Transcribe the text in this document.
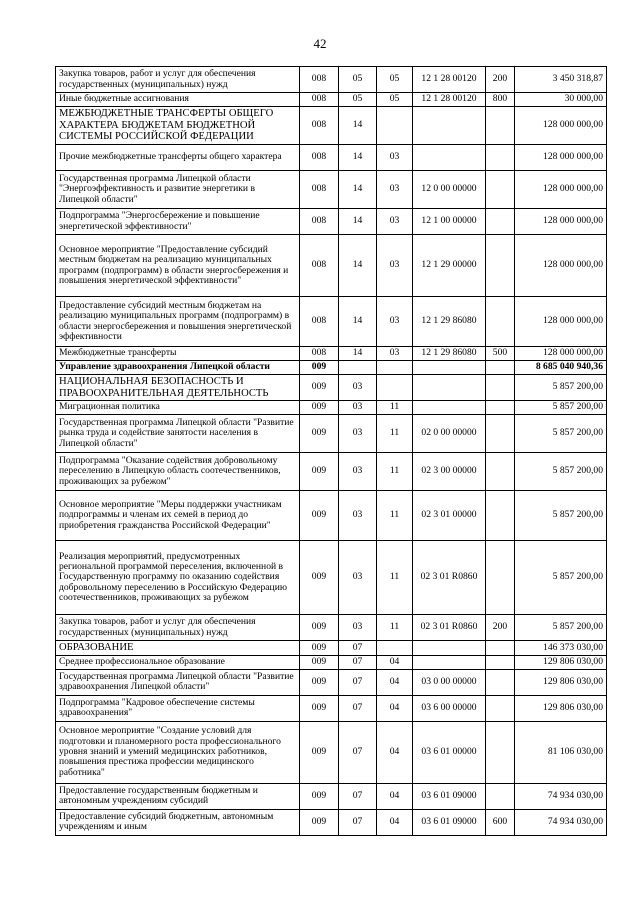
42
Закупка товаров, работ и услуг для обеспечения государственных (муниципальных) нужд	008	05	05	12 1 28 00120	200	3 450 318,87
Иные бюджетные ассигнования	008	05	05	12 1 28 00120	800	30 000,00
МЕЖБЮДЖЕТНЫЕ ТРАНСФЕРТЫ ОБЩЕГО ХАРАКТЕРА БЮДЖЕТАМ БЮДЖЕТНОЙ СИСТЕМЫ РОССИЙСКОЙ ФЕДЕРАЦИИ	008	14				128 000 000,00
Прочие межбюджетные трансферты общего характера	008	14	03			128 000 000,00
Государственная программа Липецкой области "Энергоэффективность и развитие энергетики в Липецкой области"	008	14	03	12 0 00 00000		128 000 000,00
Подпрограмма "Энергосбережение и повышение энергетической эффективности"	008	14	03	12 1 00 00000		128 000 000,00
Основное мероприятие "Предоставление субсидий местным бюджетам на реализацию муниципальных программ (подпрограмм) в области энергосбережения и повышения энергетической эффективности"	008	14	03	12 1 29 00000		128 000 000,00
Предоставление субсидий местным бюджетам на реализацию муниципальных программ (подпрограмм) в области энергосбережения и повышения энергетической эффективности	008	14	03	12 1 29 86080		128 000 000,00
Межбюджетные трансферты	008	14	03	12 1 29 86080	500	128 000 000,00
Управление здравоохранения Липецкой области	009					8 685 040 940,36
НАЦИОНАЛЬНАЯ БЕЗОПАСНОСТЬ И ПРАВООХРАНИТЕЛЬНАЯ ДЕЯТЕЛЬНОСТЬ	009	03				5 857 200,00
Миграционная политика	009	03	11			5 857 200,00
Государственная программа Липецкой области "Развитие рынка труда и содействие занятости населения в Липецкой области"	009	03	11	02 0 00 00000		5 857 200,00
Подпрограмма "Оказание содействия добровольному переселению в Липецкую область соотечественников, проживающих за рубежом"	009	03	11	02 3 00 00000		5 857 200,00
Основное мероприятие "Меры поддержки участникам подпрограммы и членам их семей в период до приобретения гражданства Российской Федерации"	009	03	11	02 3 01 00000		5 857 200,00
Реализация мероприятий, предусмотренных региональной программой переселения, включенной в Государственную программу по оказанию содействия добровольному переселению в Российскую Федерацию соотечественников, проживающих за рубежом	009	03	11	02 3 01 R0860		5 857 200,00
Закупка товаров, работ и услуг для обеспечения государственных (муниципальных) нужд	009	03	11	02 3 01 R0860	200	5 857 200,00
ОБРАЗОВАНИЕ	009	07				146 373 030,00
Среднее профессиональное образование	009	07	04			129 806 030,00
Государственная программа Липецкой области "Развитие здравоохранения Липецкой области"	009	07	04	03 0 00 00000		129 806 030,00
Подпрограмма "Кадровое обеспечение системы здравоохранения"	009	07	04	03 6 00 00000		129 806 030,00
Основное мероприятие "Создание условий для подготовки и планомерного роста профессионального уровня знаний и умений медицинских работников, повышения престижа профессии медицинского работника"	009	07	04	03 6 01 00000		81 106 030,00
Предоставление государственным бюджетным и автономным учреждениям субсидий	009	07	04	03 6 01 09000		74 934 030,00
Предоставление субсидий бюджетным, автономным учреждениям и иным	009	07	04	03 6 01 09000	600	74 934 030,00
